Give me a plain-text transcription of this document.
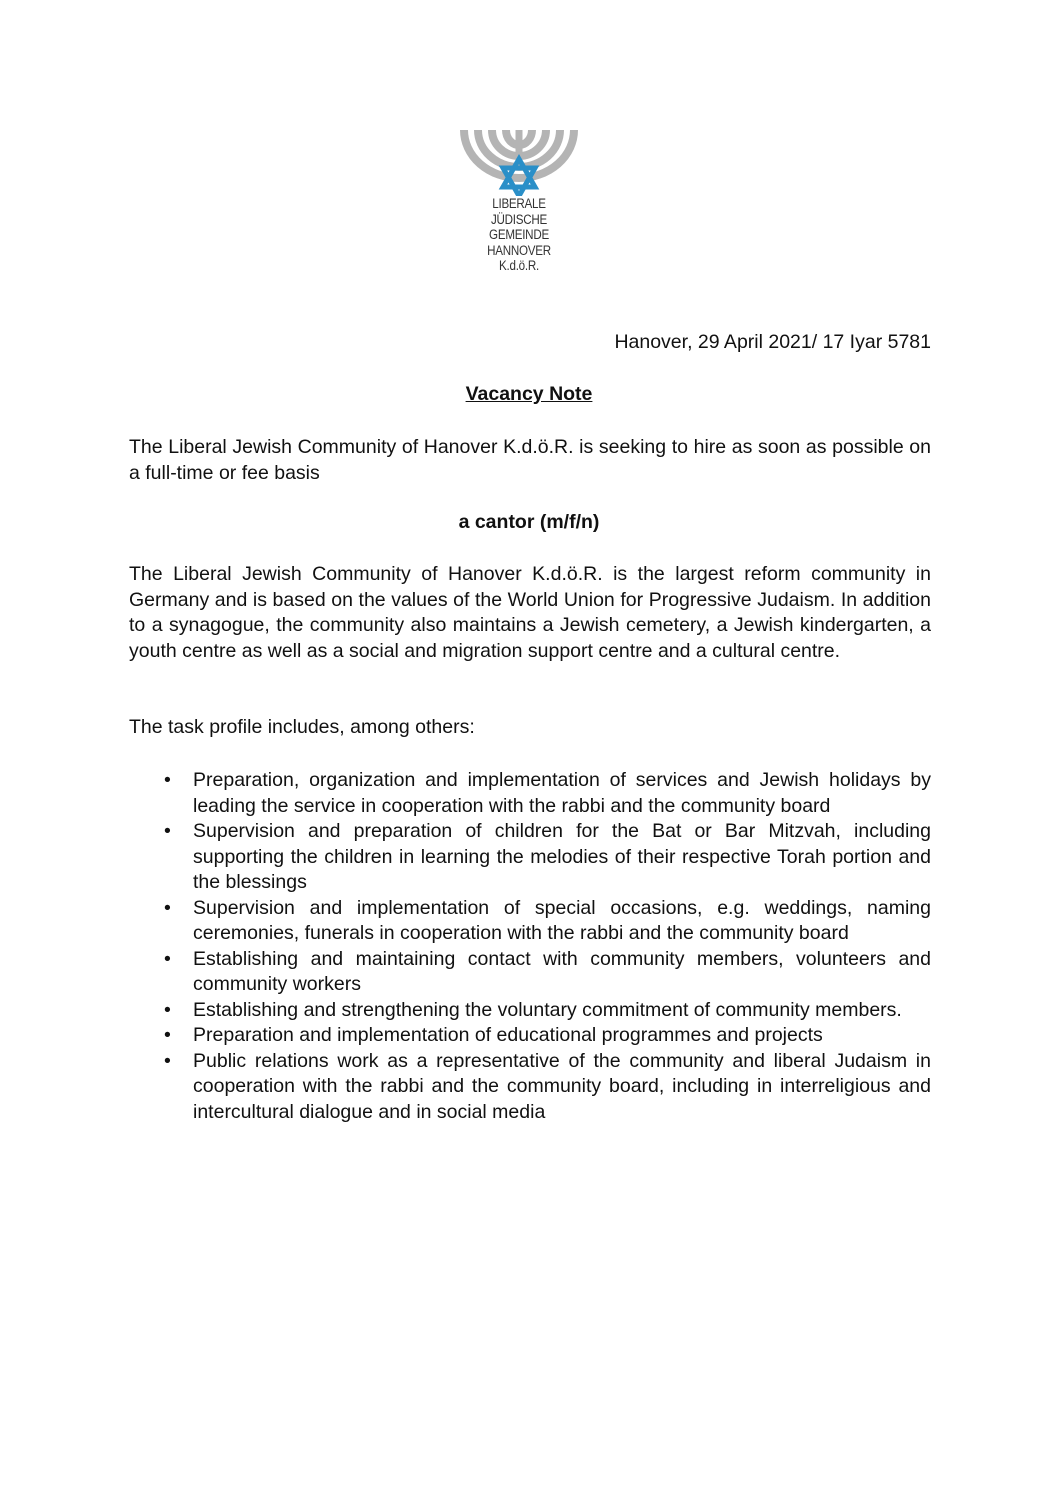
LIBERALE
JÜDISCHE
GEMEINDE
HANNOVER
K.d.ö.R.
Hanover, 29 April 2021/ 17 Iyar 5781
Vacancy Note

The Liberal Jewish Community of Hanover K.d.ö.R. is seeking to hire as soon as possible on a full-time or fee basis

a cantor (m/f/n)

The Liberal Jewish Community of Hanover K.d.ö.R. is the largest reform community in Germany and is based on the values of the World Union for Progressive Judaism. In addition to a synagogue, the community also maintains a Jewish cemetery, a Jewish kindergarten, a youth centre as well as a social and migration support centre and a cultural centre.

The task profile includes, among others:

• Preparation, organization and implementation of services and Jewish holidays by leading the service in cooperation with the rabbi and the community board
• Supervision and preparation of children for the Bat or Bar Mitzvah, including supporting the children in learning the melodies of their respective Torah portion and the blessings
• Supervision and implementation of special occasions, e.g. weddings, naming ceremonies, funerals in cooperation with the rabbi and the community board
• Establishing and maintaining contact with community members, volunteers and community workers
• Establishing and strengthening the voluntary commitment of community members.
• Preparation and implementation of educational programmes and projects
• Public relations work as a representative of the community and liberal Judaism in cooperation with the rabbi and the community board, including in interreligious and intercultural dialogue and in social media
